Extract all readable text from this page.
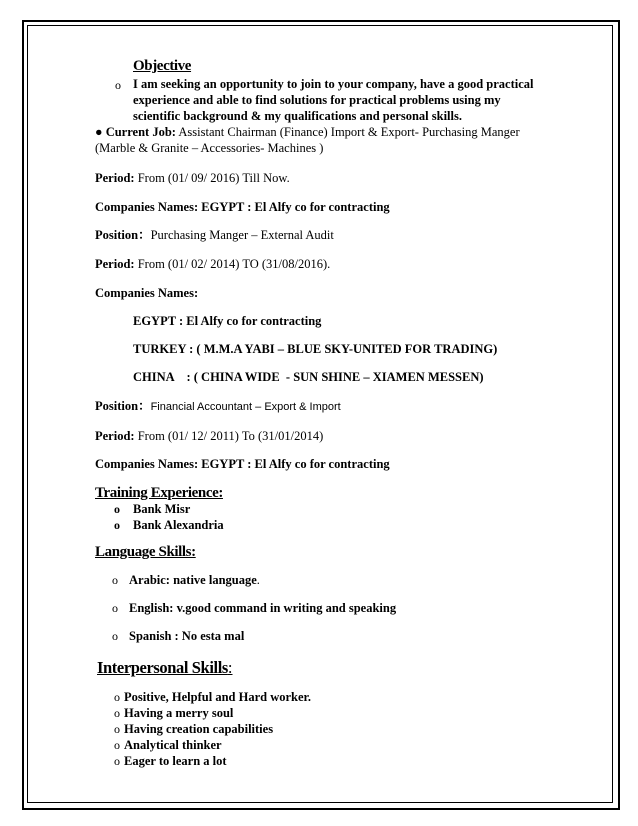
Objective
o I am seeking an opportunity to join to your company, have a good practical
experience and able to find solutions for practical problems using my
scientific background & my qualifications and personal skills.
● Current Job: Assistant Chairman (Finance) Import & Export- Purchasing Manger
(Marble & Granite – Accessories- Machines )
Period: From (01/ 09/ 2016) Till Now.
Companies Names: EGYPT : El Alfy co for contracting
Position：Purchasing Manger – External Audit
Period: From (01/ 02/ 2014) TO (31/08/2016).
Companies Names:
EGYPT : El Alfy co for contracting
TURKEY : ( M.M.A YABI – BLUE SKY-UNITED FOR TRADING)
CHINA    : ( CHINA WIDE  - SUN SHINE – XIAMEN MESSEN)
Position：Financial Accountant – Export & Import
Period: From (01/ 12/ 2011) To (31/01/2014)
Companies Names: EGYPT : El Alfy co for contracting
Training Experience:
o Bank Misr
o Bank Alexandria
Language Skills:
o Arabic: native language.
o English: v.good command in writing and speaking
o Spanish : No esta mal
Interpersonal Skills:
o Positive, Helpful and Hard worker.
o Having a merry soul
o Having creation capabilities
o Analytical thinker
o Eager to learn a lot
